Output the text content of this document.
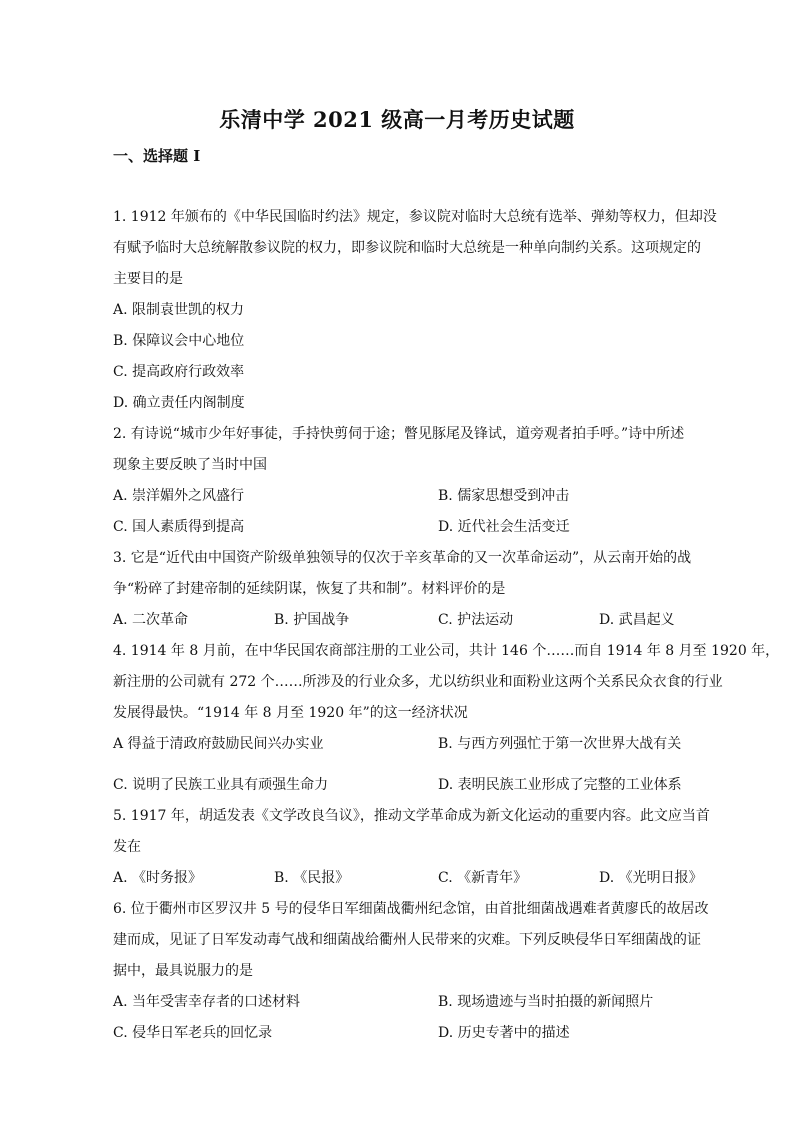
乐清中学 2021 级高一月考历史试题
一、选择题 I
1. 1912 年颁布的《中华民国临时约法》规定，参议院对临时大总统有选举、弹劾等权力，但却没
有赋予临时大总统解散参议院的权力，即参议院和临时大总统是一种单向制约关系。这项规定的
主要目的是
A. 限制袁世凯的权力
B. 保障议会中心地位
C. 提高政府行政效率
D. 确立责任内阁制度
2. 有诗说“城市少年好事徒，手持快剪伺于途；瞥见豚尾及锋试，道旁观者拍手呼。”诗中所述
现象主要反映了当时中国
A. 崇洋媚外之风盛行	B. 儒家思想受到冲击
C. 国人素质得到提高	D. 近代社会生活变迁
3. 它是“近代由中国资产阶级单独领导的仅次于辛亥革命的又一次革命运动”，从云南开始的战
争“粉碎了封建帝制的延续阴谋，恢复了共和制”。材料评价的是
A. 二次革命	B. 护国战争	C. 护法运动	D. 武昌起义
4. 1914 年 8 月前，在中华民国农商部注册的工业公司，共计 146 个……而自 1914 年 8 月至 1920 年，
新注册的公司就有 272 个……所涉及的行业众多，尤以纺织业和面粉业这两个关系民众衣食的行业
发展得最快。“1914 年 8 月至 1920 年”的这一经济状况
A 得益于清政府鼓励民间兴办实业	B. 与西方列强忙于第一次世界大战有关
C. 说明了民族工业具有顽强生命力	D. 表明民族工业形成了完整的工业体系
5. 1917 年，胡适发表《文学改良刍议》，推动文学革命成为新文化运动的重要内容。此文应当首
发在
A. 《时务报》	B. 《民报》	C. 《新青年》	D. 《光明日报》
6. 位于衢州市区罗汉井 5 号的侵华日军细菌战衢州纪念馆，由首批细菌战遇难者黄廖氏的故居改
建而成，见证了日军发动毒气战和细菌战给衢州人民带来的灾难。下列反映侵华日军细菌战的证
据中，最具说服力的是
A. 当年受害幸存者的口述材料	B. 现场遗迹与当时拍摄的新闻照片
C. 侵华日军老兵的回忆录	D. 历史专著中的描述
